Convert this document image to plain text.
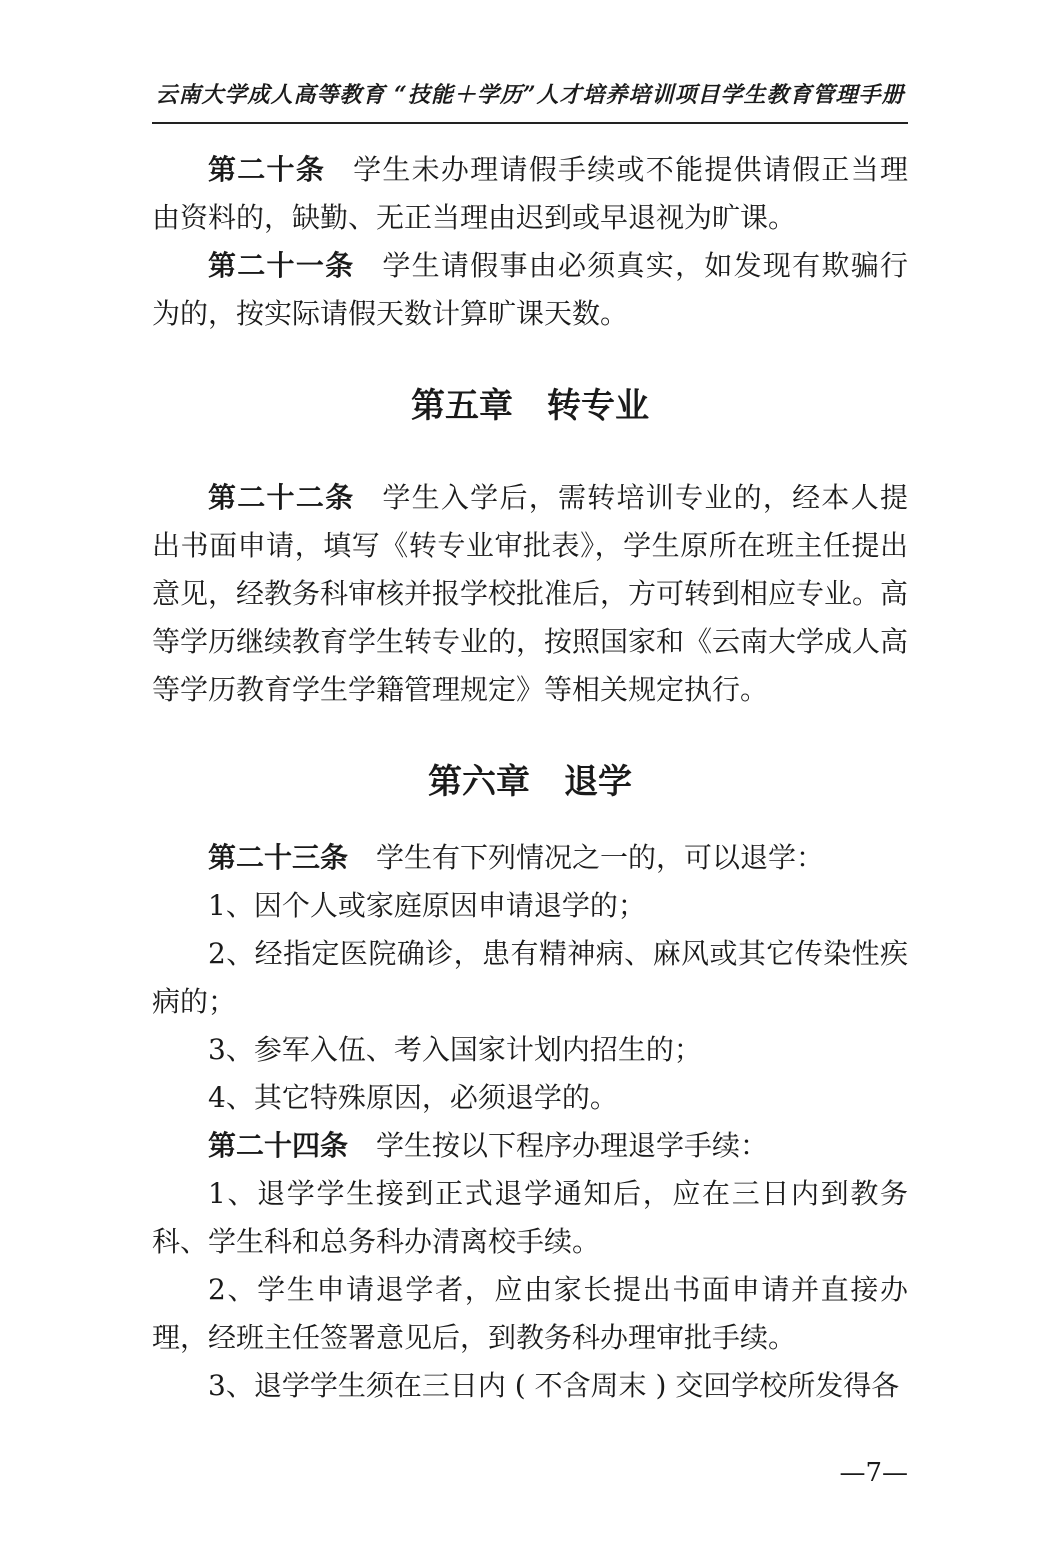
云南大学成人高等教育 “技能＋学历”人才培养培训项目学生教育管理手册

第二十条 学生未办理请假手续或不能提供请假正当理由资料的，缺勤、无正当理由迟到或早退视为旷课。

第二十一条 学生请假事由必须真实，如发现有欺骗行为的，按实际请假天数计算旷课天数。

第五章　转专业

第二十二条 学生入学后，需转培训专业的，经本人提出书面申请，填写《转专业审批表》，学生原所在班主任提出意见，经教务科审核并报学校批准后，方可转到相应专业。高等学历继续教育学生转专业的，按照国家和《云南大学成人高等学历教育学生学籍管理规定》等相关规定执行。

第六章　退学

第二十三条 学生有下列情况之一的，可以退学：

1、因个人或家庭原因申请退学的；

2、经指定医院确诊，患有精神病、麻风或其它传染性疾病的；

3、参军入伍、考入国家计划内招生的；

4、其它特殊原因，必须退学的。

第二十四条 学生按以下程序办理退学手续：

1、退学学生接到正式退学通知后，应在三日内到教务科、学生科和总务科办清离校手续。

2、学生申请退学者，应由家长提出书面申请并直接办理，经班主任签署意见后，到教务科办理审批手续。

3、退学学生须在三日内 ( 不含周末 ) 交回学校所发得各

—7—
